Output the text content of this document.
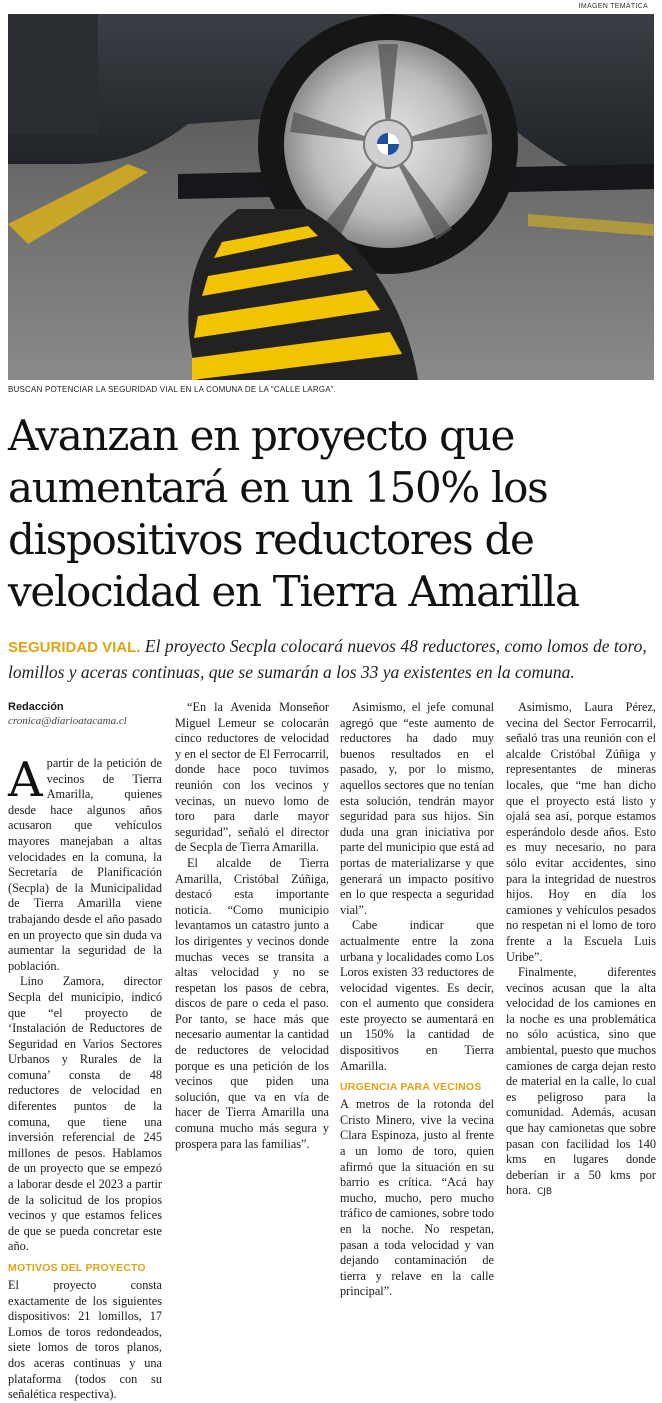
IMAGEN TEMÁTICA
BUSCAN POTENCIAR LA SEGURIDAD VIAL EN LA COMUNA DE LA “CALLE LARGA”.
Avanzan en proyecto que aumentará en un 150% los dispositivos reductores de velocidad en Tierra Amarilla

SEGURIDAD VIAL. El proyecto Secpla colocará nuevos 48 reductores, como lomos de toro, lomillos y aceras continuas, que se sumarán a los 33 ya existentes en la comuna.

Redacción
cronica@diarioatacama.cl

Apartir de la petición de vecinos de Tierra Amarilla, quienes desde hace algunos años acusaron que vehículos mayores manejaban a altas velocidades en la comuna, la Secretaría de Planificación (Secpla) de la Municipalidad de Tierra Amarilla viene trabajando desde el año pasado en un proyecto que sin duda va aumentar la seguridad de la población.

Lino Zamora, director Secpla del municipio, indicó que “el proyecto de ‘Instalación de Reductores de Seguridad en Varios Sectores Urbanos y Rurales de la comuna’ consta de 48 reductores de velocidad en diferentes puntos de la comuna, que tiene una inversión referencial de 245 millones de pesos. Hablamos de un proyecto que se empezó a laborar desde el 2023 a partir de la solicitud de los propios vecinos y que estamos felices de que se pueda concretar este año.

MOTIVOS DEL PROYECTO

El proyecto consta exactamente de los siguientes dispositivos: 21 lomillos, 17 Lomos de toros redondeados, siete lomos de toros planos, dos aceras continuas y una plataforma (todos con su señalética respectiva).

“En la Avenida Monseñor Miguel Lemeur se colocarán cinco reductores de velocidad y en el sector de El Ferrocarril, donde hace poco tuvimos reunión con los vecinos y vecinas, un nuevo lomo de toro para darle mayor seguridad”, señaló el director de Secpla de Tierra Amarilla.

El alcalde de Tierra Amarilla, Cristóbal Zúñiga, destacó esta importante noticia. “Como municipio levantamos un catastro junto a los dirigentes y vecinos donde muchas veces se transita a altas velocidad y no se respetan los pasos de cebra, discos de pare o ceda el paso. Por tanto, se hace más que necesario aumentar la cantidad de reductores de velocidad porque es una petición de los vecinos que piden una solución, que va en vía de hacer de Tierra Amarilla una comuna mucho más segura y prospera para las familias”.

Asimismo, el jefe comunal agregó que “este aumento de reductores ha dado muy buenos resultados en el pasado, y, por lo mismo, aquellos sectores que no tenían esta solución, tendrán mayor seguridad para sus hijos. Sin duda una gran iniciativa por parte del municipio que está ad portas de materializarse y que generará un impacto positivo en lo que respecta a seguridad vial”.

Cabe indicar que actualmente entre la zona urbana y localidades como Los Loros existen 33 reductores de velocidad vigentes. Es decir, con el aumento que considera este proyecto se aumentará en un 150% la cantidad de dispositivos en Tierra Amarilla.

URGENCIA PARA VECINOS

A metros de la rotonda del Cristo Minero, vive la vecina Clara Espinoza, justo al frente a un lomo de toro, quien afirmó que la situación en su barrio es crítica. “Acá hay mucho, mucho, pero mucho tráfico de camiones, sobre todo en la noche. No respetan, pasan a toda velocidad y van dejando contaminación de tierra y relave en la calle principal”.

Asimismo, Laura Pérez, vecina del Sector Ferrocarril, señaló tras una reunión con el alcalde Cristóbal Zúñiga y representantes de mineras locales, que “me han dicho que el proyecto está listo y ojalá sea así, porque estamos esperándolo desde años. Esto es muy necesario, no para sólo evitar accidentes, sino para la integridad de nuestros hijos. Hoy en día los camiones y vehículos pesados no respetan ni el lomo de toro frente a la Escuela Luis Uribe”.

Finalmente, diferentes vecinos acusan que la alta velocidad de los camiones en la noche es una problemática no sólo acústica, sino que ambiental, puesto que muchos camiones de carga dejan resto de material en la calle, lo cual es peligroso para la comunidad. Además, acusan que hay camionetas que sobre pasan con facilidad los 140 kms en lugares donde deberían ir a 50 kms por hora. CJB
